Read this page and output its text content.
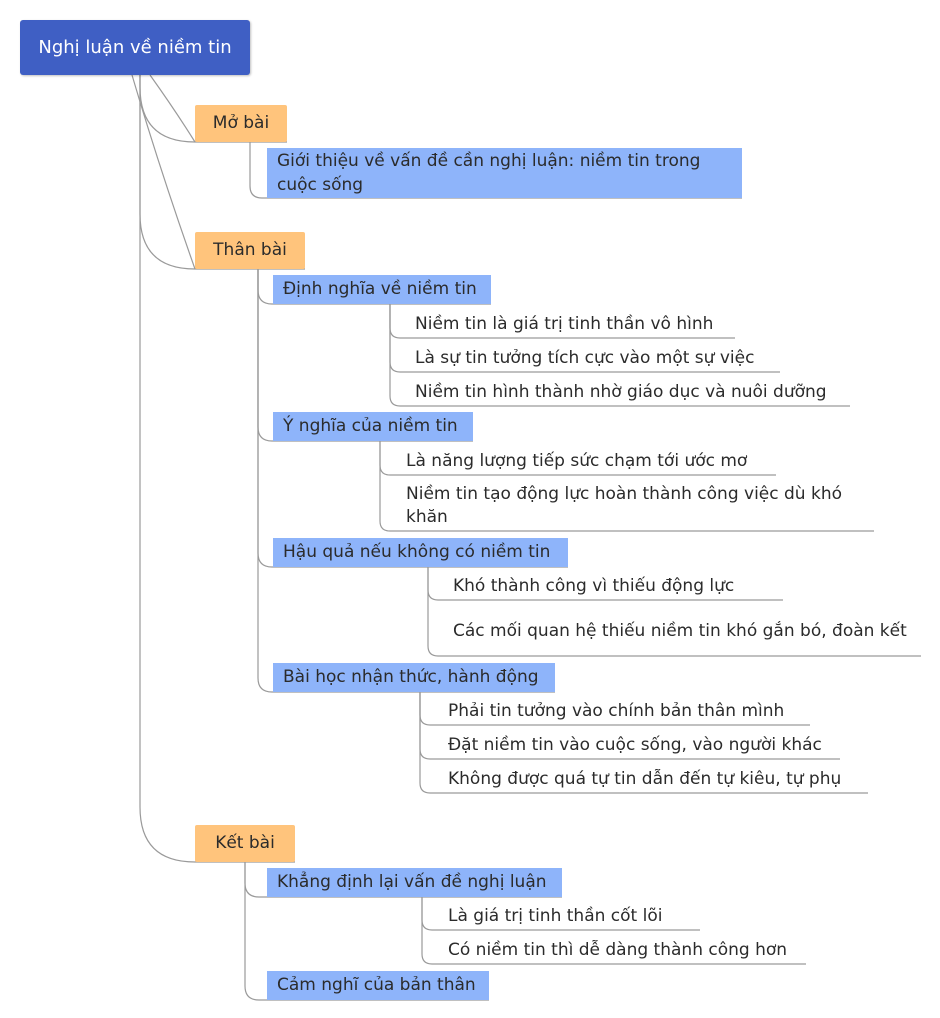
Nghị luận về niềm tin
Mở bài
Giới thiệu về vấn đề cần nghị luận: niềm tin trong cuộc sống
Thân bài
Định nghĩa về niềm tin
Niềm tin là giá trị tinh thần vô hình
Là sự tin tưởng tích cực vào một sự việc
Niềm tin hình thành nhờ giáo dục và nuôi dưỡng
Ý nghĩa của niềm tin
Là năng lượng tiếp sức chạm tới ước mơ
Niềm tin tạo động lực hoàn thành công việc dù khó khăn
Hậu quả nếu không có niềm tin
Khó thành công vì thiếu động lực
Các mối quan hệ thiếu niềm tin khó gắn bó, đoàn kết
Bài học nhận thức, hành động
Phải tin tưởng vào chính bản thân mình
Đặt niềm tin vào cuộc sống, vào người khác
Không được quá tự tin dẫn đến tự kiêu, tự phụ
Kết bài
Khẳng định lại vấn đề nghị luận
Là giá trị tinh thần cốt lõi
Có niềm tin thì dễ dàng thành công hơn
Cảm nghĩ của bản thân
